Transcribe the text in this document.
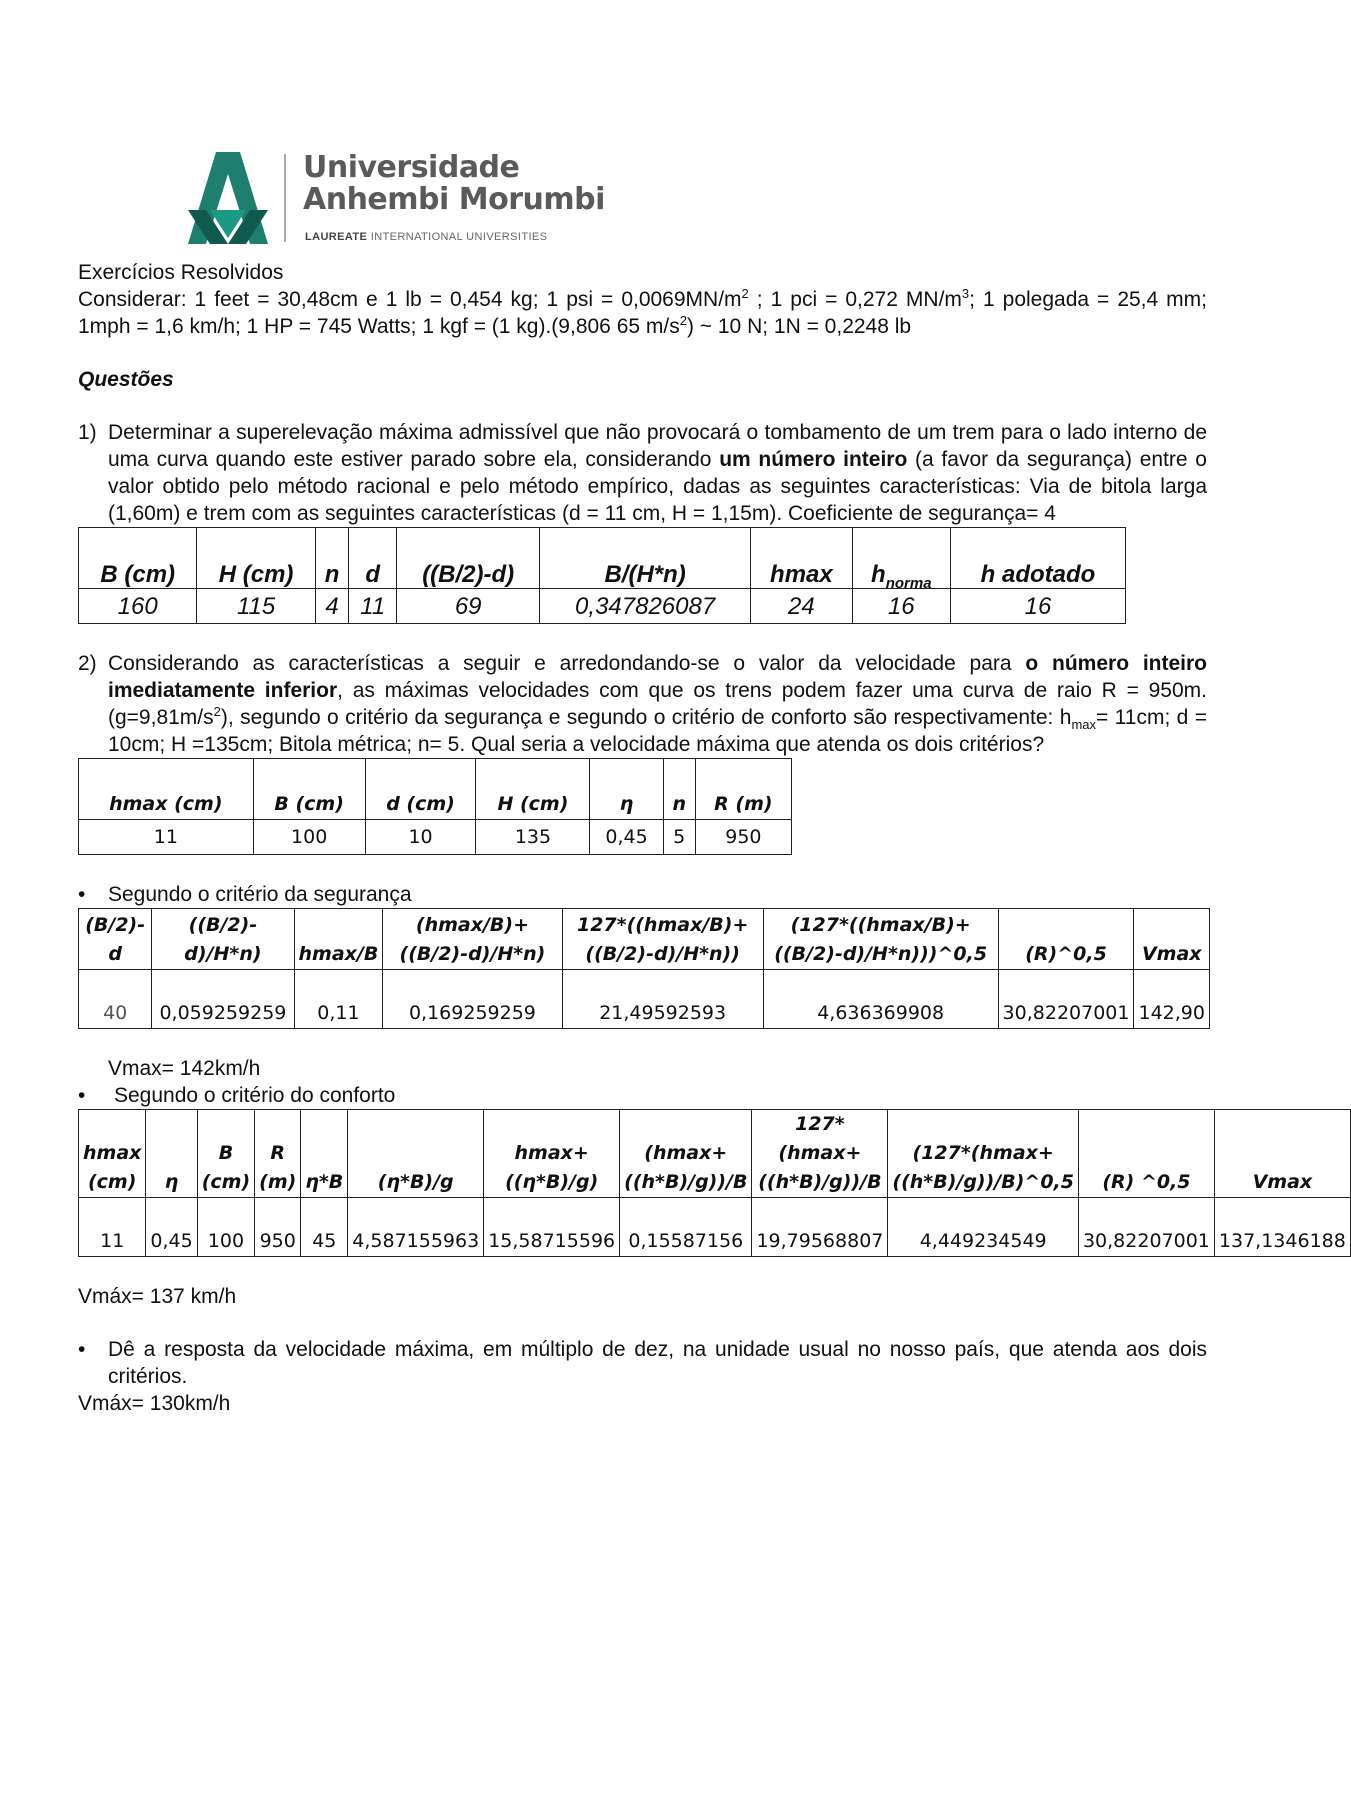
Universidade
Anhembi Morumbi
LAUREATE INTERNATIONAL UNIVERSITIES

Exercícios Resolvidos

Considerar: 1 feet = 30,48cm e 1 lb = 0,454 kg; 1 psi = $0,0069MN/m^2$ ; 1 pci = 0,272 $MN/m^3$; 1 polegada = 25,4 mm; 1mph = 1,6 km/h; 1 HP = 745 Watts; 1 kgf = (1 kg).(9,806 65 $m/s^2$) ~ 10 N; 1N = 0,2248 lb

Questões

1) Determinar a superelevação máxima admissível que não provocará o tombamento de um trem para o lado interno de uma curva quando este estiver parado sobre ela, considerando um número inteiro (a favor da segurança) entre o valor obtido pelo método racional e pelo método empírico, dadas as seguintes características: Via de bitola larga (1,60m) e trem com as seguintes características (d = 11 cm, H = 1,15m). Coeficiente de segurança= 4
B (cm)	H (cm)	n	d	((B/2)-d)	B/(H*n)	hmax	$h_{norma}$	h adotado
160	115	4	11	69	0,347826087	24	16	16
2) Considerando as características a seguir e arredondando-se o valor da velocidade para o número inteiro imediatamente inferior, as máximas velocidades com que os trens podem fazer uma curva de raio R = 950m. $(g=9,81m/s^2)$, segundo o critério da segurança e segundo o critério de conforto são respectivamente: $h_{max}= 11cm$; d = 10cm; H =135cm; Bitola métrica; n= 5. Qual seria a velocidade máxima que atenda os dois critérios?
hmax (cm)	B (cm)	d (cm)	H (cm)	η	n	R (m)
11	100	10	135	0,45	5	950
• Segundo o critério da segurança
(B/2)-d	((B/2)-d)/H*n)	hmax/B	(hmax/B)+((B/2)-d)/H*n)	127*((hmax/B)+((B/2)-d)/H*n))	(127*((hmax/B)+((B/2)-d)/H*n)))^0,5	(R)^0,5	Vmax
40	0,059259259	0,11	0,169259259	21,49592593	4,636369908	30,82207001	142,90

Vmax= 142km/h

• Segundo o critério do conforto
hmax (cm)	η	B (cm)	R (m)	η*B	(η*B)/g	hmax+((η*B)/g)	(hmax+((h*B)/g))/B	127*(hmax+((h*B)/g))/B	(127*(hmax+((h*B)/g))/B)^0,5	(R) ^0,5	Vmax
11	0,45	100	950	45	4,587155963	15,58715596	0,15587156	19,79568807	4,449234549	30,82207001	137,1346188

Vmáx= 137 km/h

• Dê a resposta da velocidade máxima, em múltiplo de dez, na unidade usual no nosso país, que atenda aos dois critérios.

Vmáx= 130km/h
